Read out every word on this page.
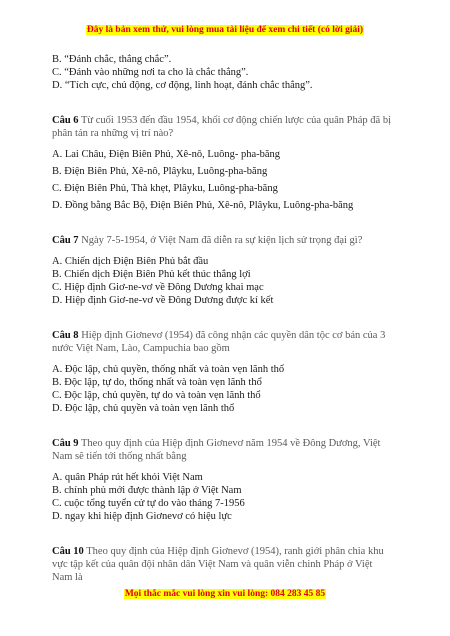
Đây là bản xem thử, vui lòng mua tài liệu để xem chi tiết (có lời giải)

B. “Đánh chắc, thắng chắc”.

C. “Đánh vào những nơi ta cho là chắc thắng”.

D. “Tích cực, chủ động, cơ động, linh hoạt, đánh chắc thắng”.

Câu 6 Từ cuối 1953 đến đầu 1954, khối cơ động chiến lược của quân Pháp đã bị phân tán ra những vị trí nào?

A. Lai Châu, Điện Biên Phủ, Xê-nô, Luông- pha-băng

B. Điện Biên Phủ, Xê-nô, Plâyku, Luông-pha-băng

C. Điện Biên Phủ, Thà khẹt, Plâyku, Luông-pha-băng

D. Đồng bằng Bắc Bộ, Điện Biên Phủ, Xê-nô, Plâyku, Luông-pha-băng

Câu 7 Ngày 7-5-1954, ở Việt Nam đã diễn ra sự kiện lịch sử trọng đại gì?

A. Chiến dịch Điện Biên Phủ bắt đầu

B. Chiến dịch Điện Biên Phủ kết thúc thắng lợi

C. Hiệp định Giơ-ne-vơ về Đông Dương khai mạc

D. Hiệp định Giơ-ne-vơ về Đông Dương được kí kết

Câu 8 Hiệp định Giơnevơ (1954) đã công nhận các quyền dân tộc cơ bản của 3 nước Việt Nam, Lào, Campuchia bao gồm

A. Độc lập, chủ quyền, thống nhất và toàn vẹn lãnh thổ

B. Độc lập, tự do, thống nhất và toàn vẹn lãnh thổ

C. Độc lập, chủ quyền, tự do và toàn vẹn lãnh thổ

D. Độc lập, chủ quyền và toàn vẹn lãnh thổ

Câu 9 Theo quy định của Hiệp định Giơnevơ năm 1954 về Đông Dương, Việt Nam sẽ tiến tới thống nhất bằng

A. quân Pháp rút hết khỏi Việt Nam

B. chính phủ mới được thành lập ở Việt Nam

C. cuộc tổng tuyển cử tự do vào tháng 7-1956

D. ngay khi hiệp định Giơnevơ có hiệu lực

Câu 10 Theo quy định của Hiệp định Giơnevơ (1954), ranh giới phân chia khu vực tập kết của quân đội nhân dân Việt Nam và quân viễn chinh Pháp ở Việt Nam là

Mọi thắc mắc vui lòng xin vui lòng: 084 283 45 85
